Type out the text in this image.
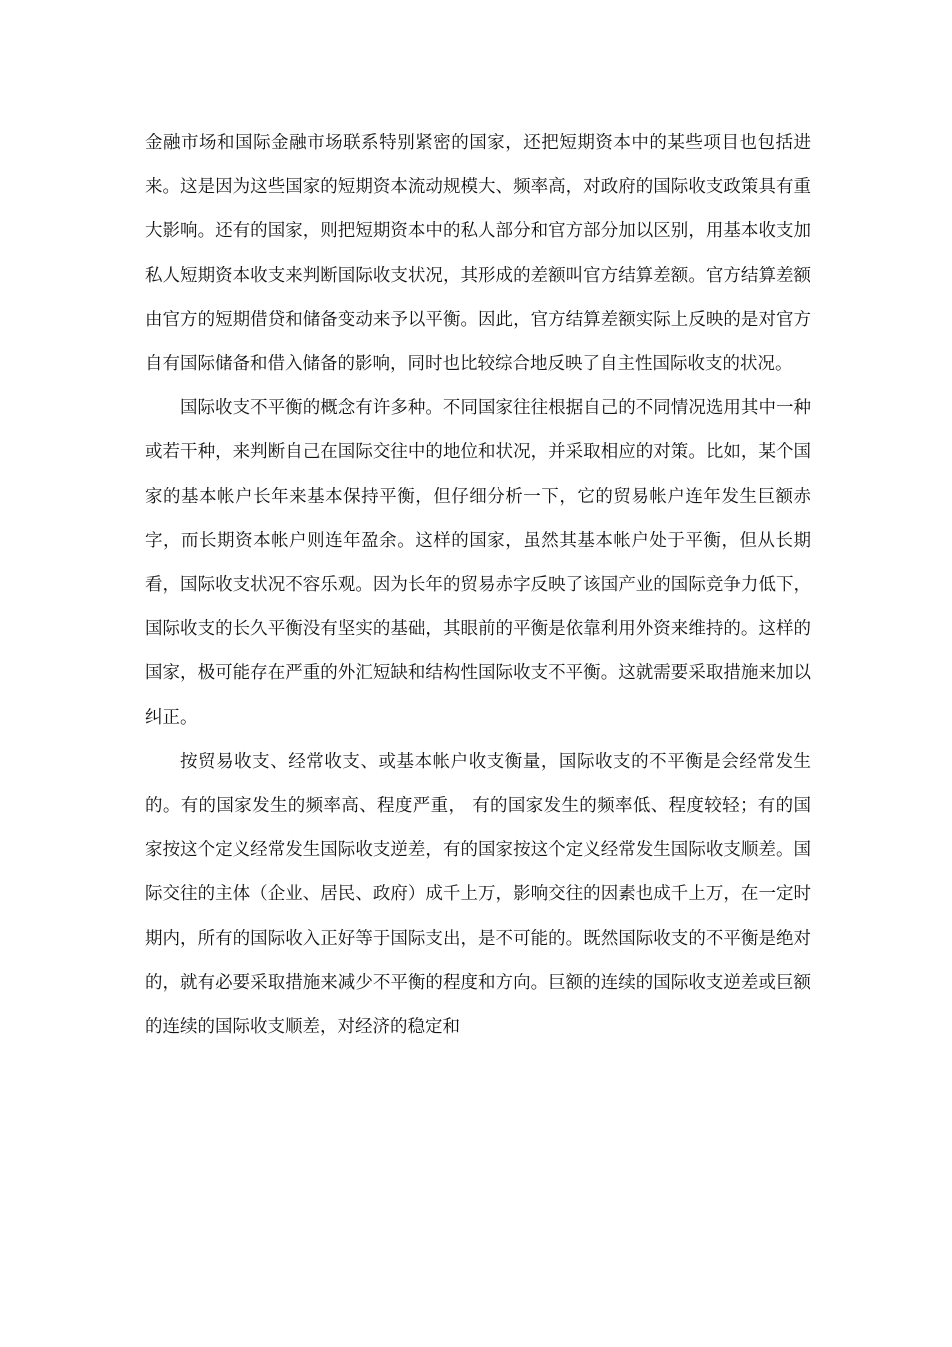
金融市场和国际金融市场联系特别紧密的国家，还把短期资本中的某些项目也包括进来。这是因为这些国家的短期资本流动规模大、频率高，对政府的国际收支政策具有重大影响。还有的国家，则把短期资本中的私人部分和官方部分加以区别，用基本收支加私人短期资本收支来判断国际收支状况，其形成的差额叫官方结算差额。官方结算差额由官方的短期借贷和储备变动来予以平衡。因此，官方结算差额实际上反映的是对官方自有国际储备和借入储备的影响，同时也比较综合地反映了自主性国际收支的状况。

国际收支不平衡的概念有许多种。不同国家往往根据自己的不同情况选用其中一种或若干种，来判断自己在国际交往中的地位和状况，并采取相应的对策。比如，某个国家的基本帐户长年来基本保持平衡，但仔细分析一下，它的贸易帐户连年发生巨额赤字，而长期资本帐户则连年盈余。这样的国家，虽然其基本帐户处于平衡，但从长期看，国际收支状况不容乐观。因为长年的贸易赤字反映了该国产业的国际竞争力低下， 国际收支的长久平衡没有坚实的基础，其眼前的平衡是依靠利用外资来维持的。这样的国家，极可能存在严重的外汇短缺和结构性国际收支不平衡。这就需要采取措施来加以纠正。

按贸易收支、经常收支、或基本帐户收支衡量，国际收支的不平衡是会经常发生的。有的国家发生的频率高、程度严重， 有的国家发生的频率低、程度较轻；有的国家按这个定义经常发生国际收支逆差，有的国家按这个定义经常发生国际收支顺差。国际交往的主体（企业、居民、政府）成千上万，影响交往的因素也成千上万，在一定时期内，所有的国际收入正好等于国际支出，是不可能的。既然国际收支的不平衡是绝对的，就有必要采取措施来减少不平衡的程度和方向。巨额的连续的国际收支逆差或巨额的连续的国际收支顺差，对经济的稳定和
